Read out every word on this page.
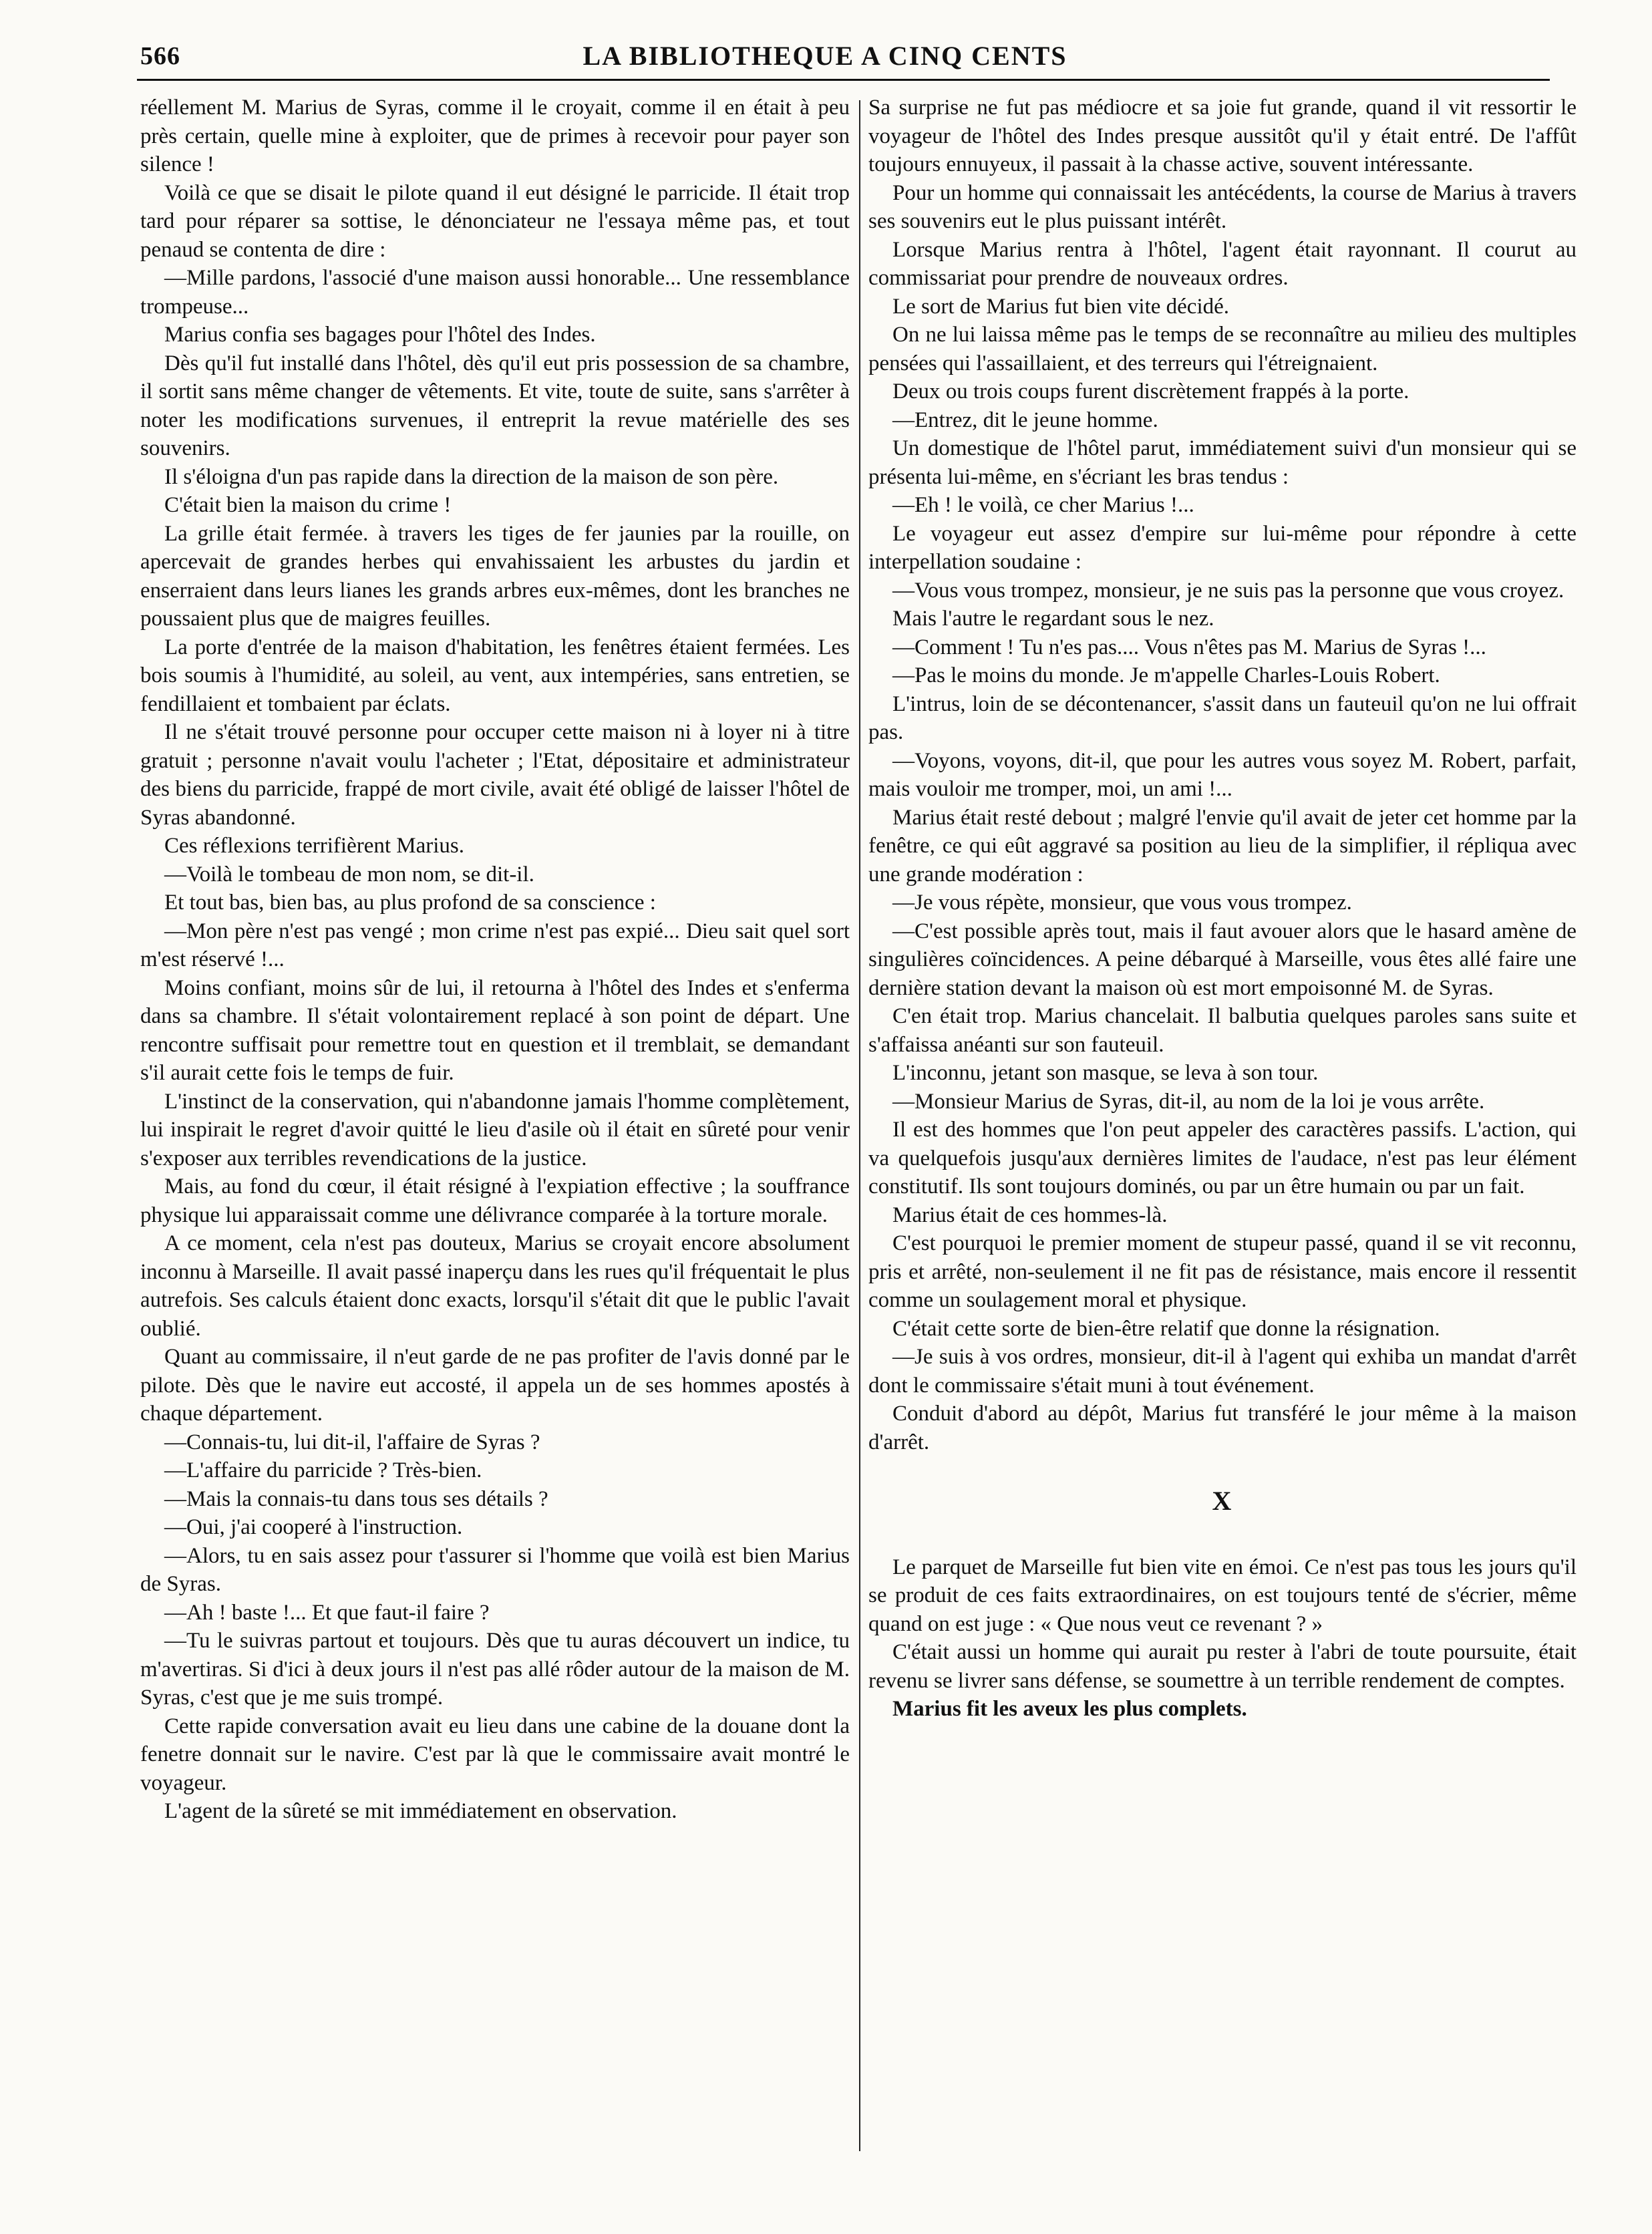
566	LA BIBLIOTHEQUE A CINQ CENTS

réellement M. Marius de Syras, comme il le croyait, comme il en était à peu près certain, quelle mine à exploiter, que de primes à recevoir pour payer son silence !

Voilà ce que se disait le pilote quand il eut désigné le parricide. Il était trop tard pour réparer sa sottise, le dénonciateur ne l'essaya même pas, et tout penaud se contenta de dire :

—Mille pardons, l'associé d'une maison aussi honorable... Une ressemblance trompeuse...

Marius confia ses bagages pour l'hôtel des Indes.

Dès qu'il fut installé dans l'hôtel, dès qu'il eut pris possession de sa chambre, il sortit sans même changer de vêtements. Et vite, toute de suite, sans s'arrêter à noter les modifications survenues, il entreprit la revue matérielle des ses souvenirs.

Il s'éloigna d'un pas rapide dans la direction de la maison de son père.

C'était bien la maison du crime !

La grille était fermée. à travers les tiges de fer jaunies par la rouille, on apercevait de grandes herbes qui envahissaient les arbustes du jardin et enserraient dans leurs lianes les grands arbres eux-mêmes, dont les branches ne poussaient plus que de maigres feuilles.

La porte d'entrée de la maison d'habitation, les fenêtres étaient fermées. Les bois soumis à l'humidité, au soleil, au vent, aux intempéries, sans entretien, se fendillaient et tombaient par éclats.

Il ne s'était trouvé personne pour occuper cette maison ni à loyer ni à titre gratuit ; personne n'avait voulu l'acheter ; l'Etat, dépositaire et administrateur des biens du parricide, frappé de mort civile, avait été obligé de laisser l'hôtel de Syras abandonné.

Ces réflexions terrifièrent Marius.

—Voilà le tombeau de mon nom, se dit-il.

Et tout bas, bien bas, au plus profond de sa conscience :

—Mon père n'est pas vengé ; mon crime n'est pas expié... Dieu sait quel sort m'est réservé !...

Moins confiant, moins sûr de lui, il retourna à l'hôtel des Indes et s'enferma dans sa chambre. Il s'était volontairement replacé à son point de départ. Une rencontre suffisait pour remettre tout en question et il tremblait, se demandant s'il aurait cette fois le temps de fuir.

L'instinct de la conservation, qui n'abandonne jamais l'homme complètement, lui inspirait le regret d'avoir quitté le lieu d'asile où il était en sûreté pour venir s'exposer aux terribles revendications de la justice.

Mais, au fond du cœur, il était résigné à l'expiation effective ; la souffrance physique lui apparaissait comme une délivrance comparée à la torture morale.

A ce moment, cela n'est pas douteux, Marius se croyait encore absolument inconnu à Marseille. Il avait passé inaperçu dans les rues qu'il fréquentait le plus autrefois. Ses calculs étaient donc exacts, lorsqu'il s'était dit que le public l'avait oublié.

Quant au commissaire, il n'eut garde de ne pas profiter de l'avis donné par le pilote. Dès que le navire eut accosté, il appela un de ses hommes apostés à chaque département.

—Connais-tu, lui dit-il, l'affaire de Syras ?

—L'affaire du parricide ? Très-bien.

—Mais la connais-tu dans tous ses détails ?

—Oui, j'ai cooperé à l'instruction.

—Alors, tu en sais assez pour t'assurer si l'homme que voilà est bien Marius de Syras.

—Ah ! baste !... Et que faut-il faire ?

—Tu le suivras partout et toujours. Dès que tu auras découvert un indice, tu m'avertiras. Si d'ici à deux jours il n'est pas allé rôder autour de la maison de M. Syras, c'est que je me suis trompé.

Cette rapide conversation avait eu lieu dans une cabine de la douane dont la fenetre donnait sur le navire. C'est par là que le commissaire avait montré le voyageur.

L'agent de la sûreté se mit immédiatement en observation.

Sa surprise ne fut pas médiocre et sa joie fut grande, quand il vit ressortir le voyageur de l'hôtel des Indes presque aussitôt qu'il y était entré. De l'affût toujours ennuyeux, il passait à la chasse active, souvent intéressante.

Pour un homme qui connaissait les antécédents, la course de Marius à travers ses souvenirs eut le plus puissant intérêt.

Lorsque Marius rentra à l'hôtel, l'agent était rayonnant. Il courut au commissariat pour prendre de nouveaux ordres.

Le sort de Marius fut bien vite décidé.

On ne lui laissa même pas le temps de se reconnaître au milieu des multiples pensées qui l'assaillaient, et des terreurs qui l'étreignaient.

Deux ou trois coups furent discrètement frappés à la porte.

—Entrez, dit le jeune homme.

Un domestique de l'hôtel parut, immédiatement suivi d'un monsieur qui se présenta lui-même, en s'écriant les bras tendus :

—Eh ! le voilà, ce cher Marius !...

Le voyageur eut assez d'empire sur lui-même pour répondre à cette interpellation soudaine :

—Vous vous trompez, monsieur, je ne suis pas la personne que vous croyez.

Mais l'autre le regardant sous le nez.

—Comment ! Tu n'es pas.... Vous n'êtes pas M. Marius de Syras !...

—Pas le moins du monde. Je m'appelle Charles-Louis Robert.

L'intrus, loin de se décontenancer, s'assit dans un fauteuil qu'on ne lui offrait pas.

—Voyons, voyons, dit-il, que pour les autres vous soyez M. Robert, parfait, mais vouloir me tromper, moi, un ami !...

Marius était resté debout ; malgré l'envie qu'il avait de jeter cet homme par la fenêtre, ce qui eût aggravé sa position au lieu de la simplifier, il répliqua avec une grande modération :

—Je vous répète, monsieur, que vous vous trompez.

—C'est possible après tout, mais il faut avouer alors que le hasard amène de singulières coïncidences. A peine débarqué à Marseille, vous êtes allé faire une dernière station devant la maison où est mort empoisonné M. de Syras.

C'en était trop. Marius chancelait. Il balbutia quelques paroles sans suite et s'affaissa anéanti sur son fauteuil.

L'inconnu, jetant son masque, se leva à son tour.

—Monsieur Marius de Syras, dit-il, au nom de la loi je vous arrête.

Il est des hommes que l'on peut appeler des caractères passifs. L'action, qui va quelquefois jusqu'aux dernières limites de l'audace, n'est pas leur élément constitutif. Ils sont toujours dominés, ou par un être humain ou par un fait.

Marius était de ces hommes-là.

C'est pourquoi le premier moment de stupeur passé, quand il se vit reconnu, pris et arrêté, non-seulement il ne fit pas de résistance, mais encore il ressentit comme un soulagement moral et physique.

C'était cette sorte de bien-être relatif que donne la résignation.

—Je suis à vos ordres, monsieur, dit-il à l'agent qui exhiba un mandat d'arrêt dont le commissaire s'était muni à tout événement.

Conduit d'abord au dépôt, Marius fut transféré le jour même à la maison d'arrêt.

X

Le parquet de Marseille fut bien vite en émoi. Ce n'est pas tous les jours qu'il se produit de ces faits extraordinaires, on est toujours tenté de s'écrier, même quand on est juge : « Que nous veut ce revenant ? »

C'était aussi un homme qui aurait pu rester à l'abri de toute poursuite, était revenu se livrer sans défense, se soumettre à un terrible rendement de comptes.

Marius fit les aveux les plus complets.
